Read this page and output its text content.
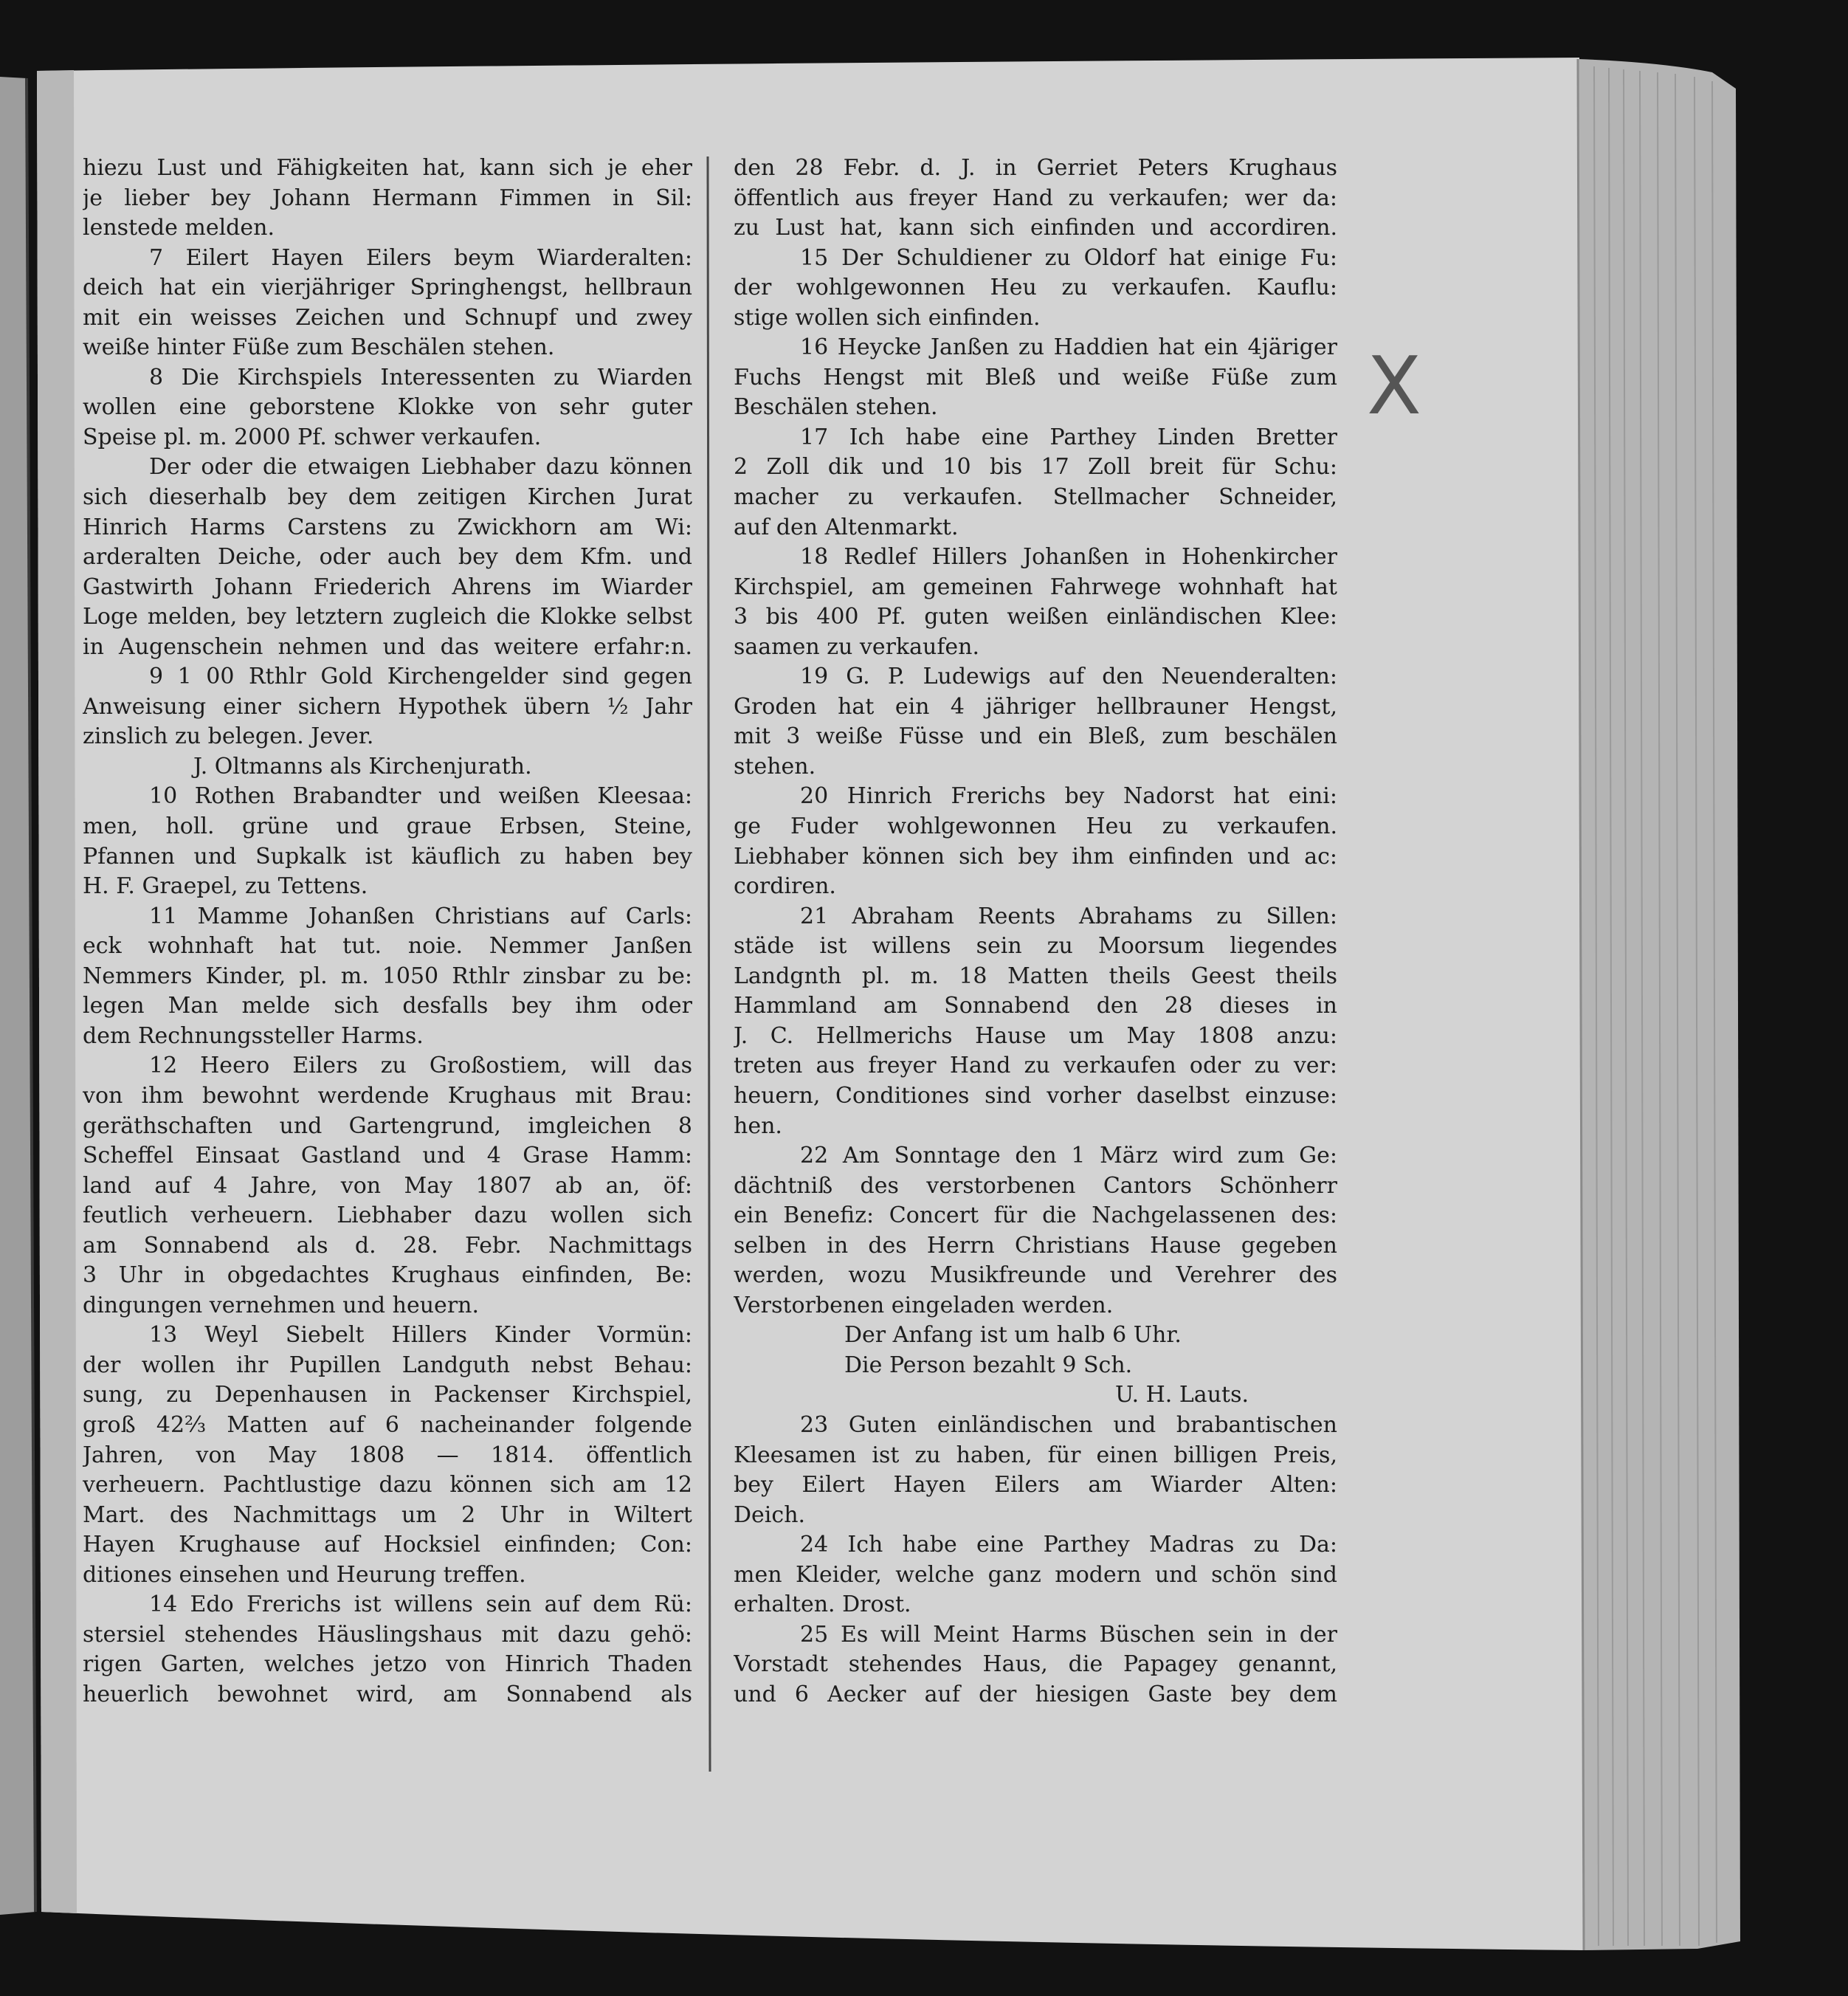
hiezu Lust und Fähigkeiten hat, kann sich je eher
je lieber bey Johann Hermann Fimmen in Sil:
lenstede melden.
7 Eilert Hayen Eilers beym Wiarderalten:
deich hat ein vierjähriger Springhengst, hellbraun
mit ein weisses Zeichen und Schnupf und zwey
weiße hinter Füße zum Beschälen stehen.
8 Die Kirchspiels Interessenten zu Wiarden
wollen eine geborstene Klokke von sehr guter
Speise pl. m. 2000 Pf. schwer verkaufen.
Der oder die etwaigen Liebhaber dazu können
sich dieserhalb bey dem zeitigen Kirchen Jurat
Hinrich Harms Carstens zu Zwickhorn am Wi:
arderalten Deiche, oder auch bey dem Kfm. und
Gastwirth Johann Friederich Ahrens im Wiarder
Loge melden, bey letztern zugleich die Klokke selbst
in Augenschein nehmen und das weitere erfahr:n.
9 1 00 Rthlr Gold Kirchengelder sind gegen
Anweisung einer sichern Hypothek übern ½ Jahr
zinslich zu belegen. Jever.
J. Oltmanns als Kirchenjurath.
10 Rothen Brabandter und weißen Kleesaa:
men, holl. grüne und graue Erbsen, Steine,
Pfannen und Supkalk ist käuflich zu haben bey
H. F. Graepel, zu Tettens.
11 Mamme Johanßen Christians auf Carls:
eck wohnhaft hat tut. noie. Nemmer Janßen
Nemmers Kinder, pl. m. 1050 Rthlr zinsbar zu be:
legen Man melde sich desfalls bey ihm oder
dem Rechnungssteller Harms.
12 Heero Eilers zu Großostiem, will das
von ihm bewohnt werdende Krughaus mit Brau:
geräthschaften und Gartengrund, imgleichen 8
Scheffel Einsaat Gastland und 4 Grase Hamm:
land auf 4 Jahre, von May 1807 ab an, öf:
feutlich verheuern. Liebhaber dazu wollen sich
am Sonnabend als d. 28. Febr. Nachmittags
3 Uhr in obgedachtes Krughaus einfinden, Be:
dingungen vernehmen und heuern.
13 Weyl Siebelt Hillers Kinder Vormün:
der wollen ihr Pupillen Landguth nebst Behau:
sung, zu Depenhausen in Packenser Kirchspiel,
groß 42⅔ Matten auf 6 nacheinander folgende
Jahren, von May 1808 — 1814. öffentlich
verheuern. Pachtlustige dazu können sich am 12
Mart. des Nachmittags um 2 Uhr in Wiltert
Hayen Krughause auf Hocksiel einfinden; Con:
ditiones einsehen und Heurung treffen.
14 Edo Frerichs ist willens sein auf dem Rü:
stersiel stehendes Häuslingshaus mit dazu gehö:
rigen Garten, welches jetzo von Hinrich Thaden
heuerlich bewohnet wird, am Sonnabend als
den 28 Febr. d. J. in Gerriet Peters Krughaus
öffentlich aus freyer Hand zu verkaufen; wer da:
zu Lust hat, kann sich einfinden und accordiren.
15 Der Schuldiener zu Oldorf hat einige Fu:
der wohlgewonnen Heu zu verkaufen. Kauflu:
stige wollen sich einfinden.
16 Heycke Janßen zu Haddien hat ein 4järiger
Fuchs Hengst mit Bleß und weiße Füße zum
Beschälen stehen.
17 Ich habe eine Parthey Linden Bretter
2 Zoll dik und 10 bis 17 Zoll breit für Schu:
macher zu verkaufen. Stellmacher Schneider,
auf den Altenmarkt.
18 Redlef Hillers Johanßen in Hohenkircher
Kirchspiel, am gemeinen Fahrwege wohnhaft hat
3 bis 400 Pf. guten weißen einländischen Klee:
saamen zu verkaufen.
19 G. P. Ludewigs auf den Neuenderalten:
Groden hat ein 4 jähriger hellbrauner Hengst,
mit 3 weiße Füsse und ein Bleß, zum beschälen
stehen.
20 Hinrich Frerichs bey Nadorst hat eini:
ge Fuder wohlgewonnen Heu zu verkaufen.
Liebhaber können sich bey ihm einfinden und ac:
cordiren.
21 Abraham Reents Abrahams zu Sillen:
städe ist willens sein zu Moorsum liegendes
Landgnth pl. m. 18 Matten theils Geest theils
Hammland am Sonnabend den 28 dieses in
J. C. Hellmerichs Hause um May 1808 anzu:
treten aus freyer Hand zu verkaufen oder zu ver:
heuern, Conditiones sind vorher daselbst einzuse:
hen.
22 Am Sonntage den 1 März wird zum Ge:
dächtniß des verstorbenen Cantors Schönherr
ein Benefiz: Concert für die Nachgelassenen des:
selben in des Herrn Christians Hause gegeben
werden, wozu Musikfreunde und Verehrer des
Verstorbenen eingeladen werden.
Der Anfang ist um halb 6 Uhr.
Die Person bezahlt 9 Sch.
U. H. Lauts.
23 Guten einländischen und brabantischen
Kleesamen ist zu haben, für einen billigen Preis,
bey Eilert Hayen Eilers am Wiarder Alten:
Deich.
24 Ich habe eine Parthey Madras zu Da:
men Kleider, welche ganz modern und schön sind
erhalten. Drost.
25 Es will Meint Harms Büschen sein in der
Vorstadt stehendes Haus, die Papagey genannt,
und 6 Aecker auf der hiesigen Gaste bey dem
X
